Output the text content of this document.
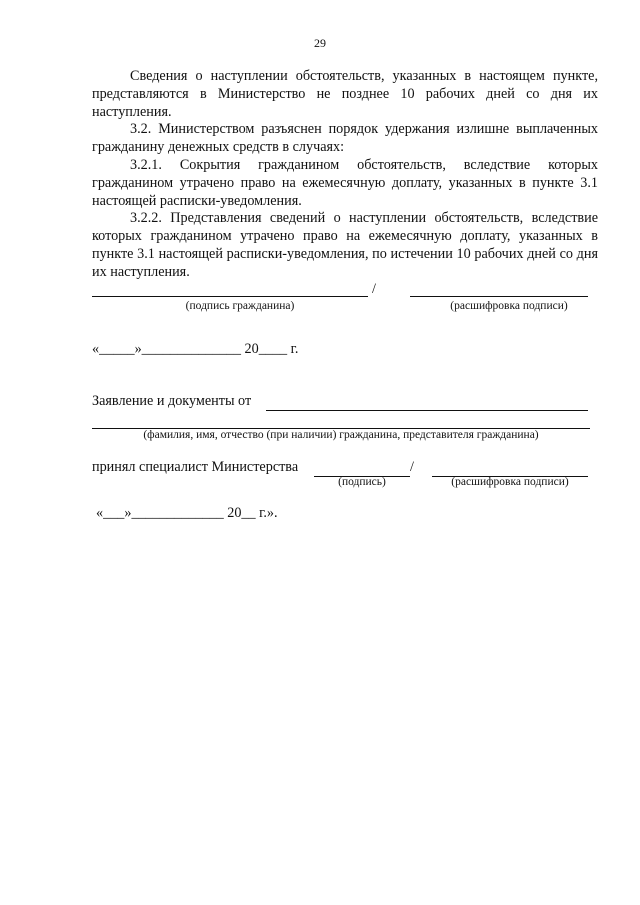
29

Сведения о наступлении обстоятельств, указанных в настоящем пункте, представляются в Министерство не позднее 10 рабочих дней со дня их наступления.

3.2. Министерством разъяснен порядок удержания излишне выплаченных гражданину денежных средств в случаях:

3.2.1. Сокрытия гражданином обстоятельств, вследствие которых гражданином утрачено право на ежемесячную доплату, указанных в пункте 3.1 настоящей расписки-уведомления.

3.2.2. Представления сведений о наступлении обстоятельств, вследствие которых гражданином утрачено право на ежемесячную доплату, указанных в пункте 3.1 настоящей расписки-уведомления, по истечении 10 рабочих дней со дня их наступления.

/
(подпись гражданина)	(расшифровка подписи)
«_____»______________ 20____ г.
Заявление и документы от
(фамилия, имя, отчество (при наличии) гражданина, представителя гражданина)
принял специалист Министерства	/
(подпись)	(расшифровка подписи)
«___»_____________ 20__ г.».
